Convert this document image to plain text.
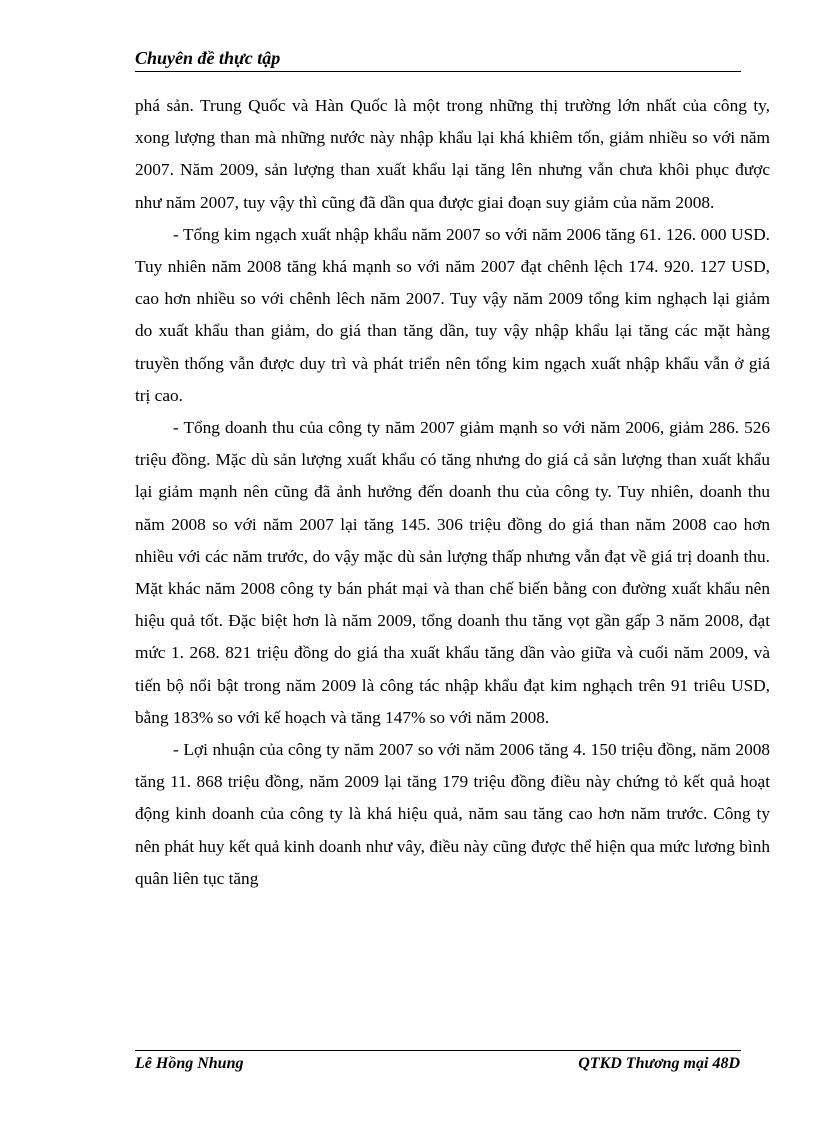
Chuyên đề thực tập

phá sản. Trung Quốc và Hàn Quốc là một trong những thị trường lớn nhất của công ty, xong lượng than mà những nước này nhập khẩu lại khá khiêm tốn, giảm nhiều so với năm 2007. Năm 2009, sản lượng than xuất khẩu lại tăng lên nhưng vẫn chưa khôi phục được như năm 2007, tuy vậy thì cũng đã dần qua được giai đoạn suy giảm của năm 2008.

- Tổng kim ngạch xuất nhập khẩu năm 2007 so với năm 2006 tăng 61. 126. 000 USD. Tuy nhiên năm 2008 tăng khá mạnh so với năm 2007 đạt chênh lệch 174. 920. 127 USD, cao hơn nhiều so với chênh lêch năm 2007. Tuy vậy năm 2009 tổng kim nghạch lại giảm do xuất khẩu than giảm, do giá than tăng dần, tuy vậy nhập khẩu lại tăng các mặt hàng truyền thống vẫn được duy trì và phát triển nên tổng kim ngạch xuất nhập khẩu vẫn ở giá trị cao.

- Tổng doanh thu của công ty năm 2007 giảm mạnh so với năm 2006, giảm 286. 526 triệu đồng. Mặc dù sản lượng xuất khẩu có tăng nhưng do giá cả sản lượng than xuất khẩu lại giảm mạnh nên cũng đã ảnh hưởng đến doanh thu của công ty. Tuy nhiên, doanh thu năm 2008 so với năm 2007 lại tăng 145. 306 triệu đồng do giá than năm 2008 cao hơn nhiều với các năm trước, do vậy mặc dù sản lượng thấp nhưng vẫn đạt về giá trị doanh thu. Mặt khác năm 2008 công ty bán phát mại và than chế biến bằng con đường xuất khẩu nên hiệu quả tốt. Đặc biệt hơn là năm 2009, tổng doanh thu tăng vọt gần gấp 3 năm 2008, đạt mức 1. 268. 821 triệu đồng do giá tha xuất khẩu tăng dần vào giữa và cuối năm 2009, và tiến bộ nổi bật trong năm 2009 là công tác nhập khẩu đạt kim nghạch trên 91 triêu USD, bằng 183% so với kế hoạch và tăng 147% so với năm 2008.

- Lợi nhuận của công ty năm 2007 so với năm 2006 tăng 4. 150 triệu đồng, năm 2008 tăng 11. 868 triệu đồng, năm 2009 lại tăng 179 triệu đồng điều này chứng tỏ kết quả hoạt động kinh doanh của công ty là khá hiệu quả, năm sau tăng cao hơn năm trước. Công ty nên phát huy kết quả kinh doanh như vây, điều này cũng được thể hiện qua mức lương bình quân liên tục tăng

Lê Hồng Nhung	QTKD Thương mại 48D
